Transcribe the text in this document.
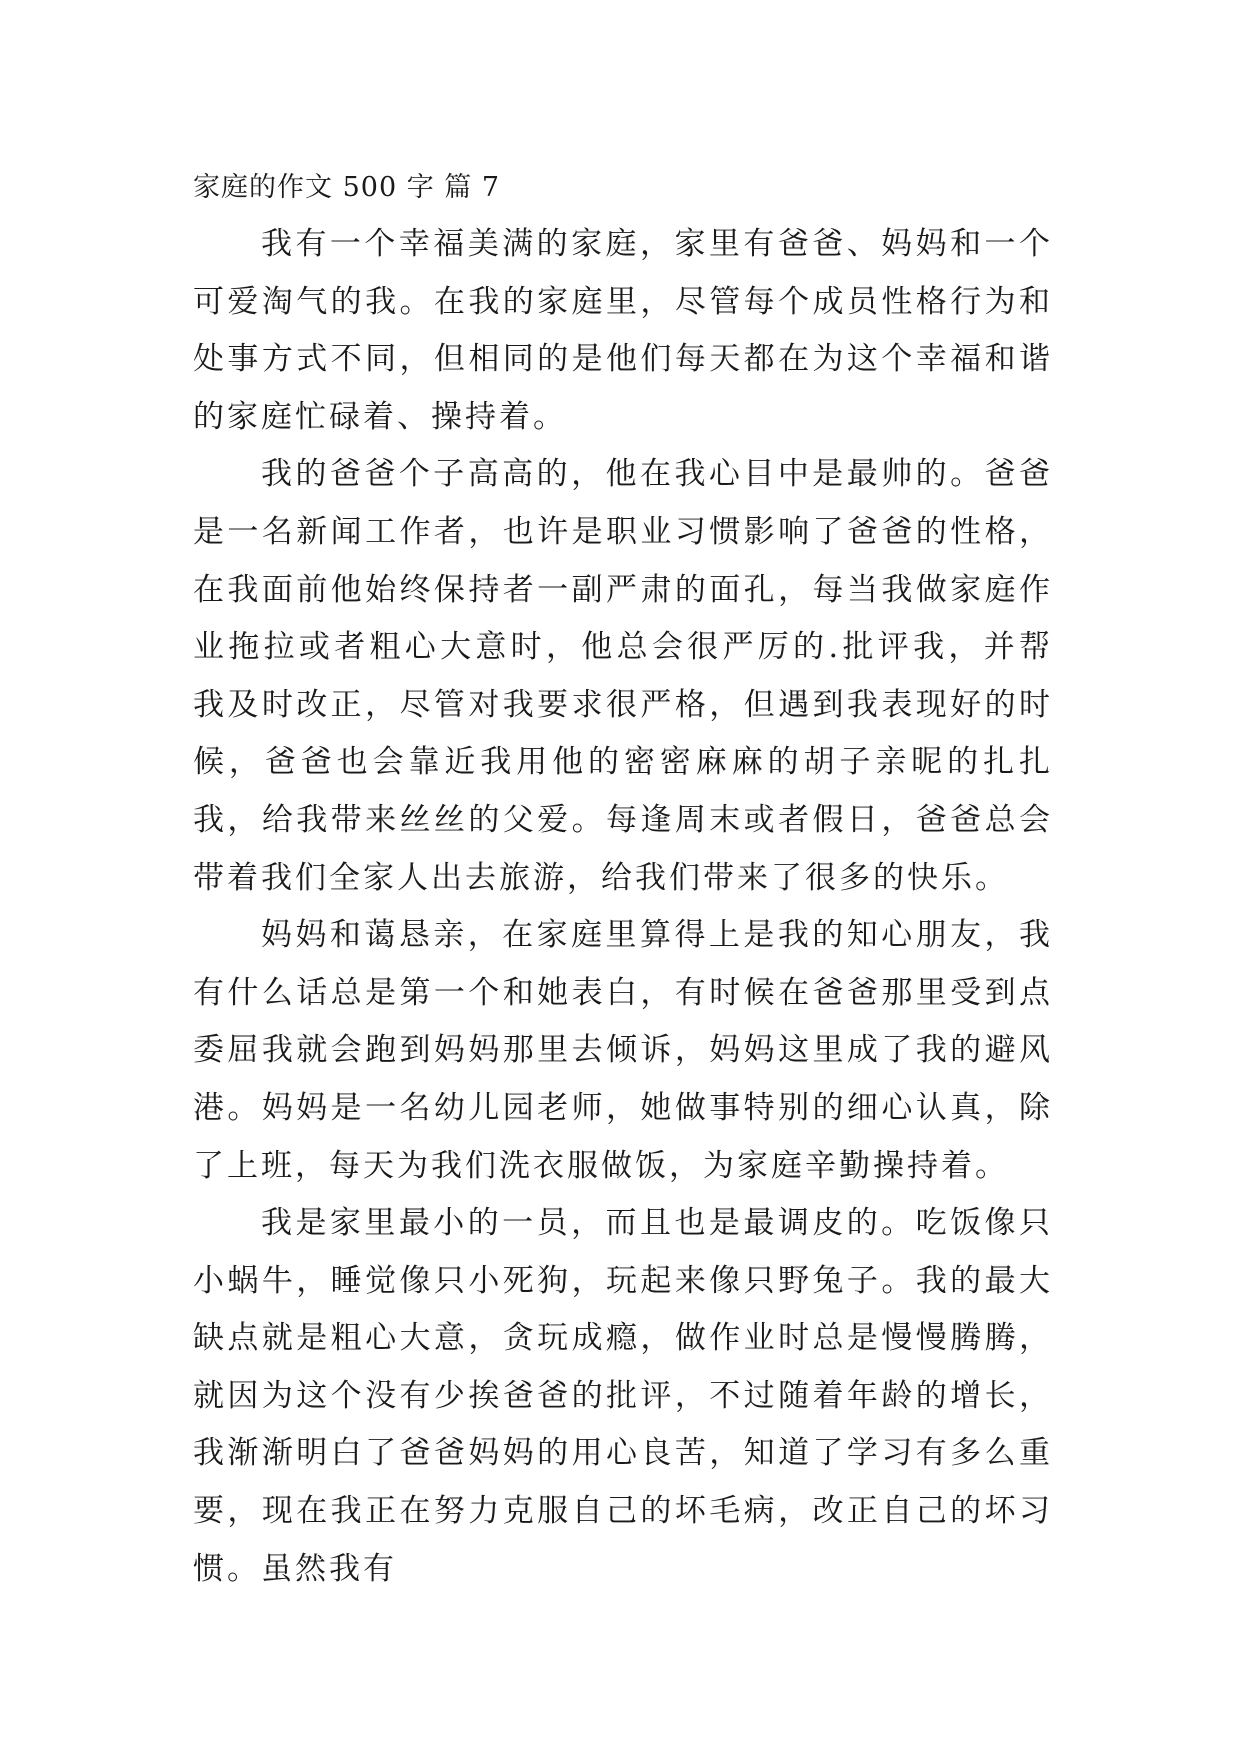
家庭的作文 500 字 篇 7

我有一个幸福美满的家庭，家里有爸爸、妈妈和一个可爱淘气的我。在我的家庭里，尽管每个成员性格行为和处事方式不同，但相同的是他们每天都在为这个幸福和谐的家庭忙碌着、操持着。

我的爸爸个子高高的，他在我心目中是最帅的。爸爸是一名新闻工作者，也许是职业习惯影响了爸爸的性格，在我面前他始终保持者一副严肃的面孔，每当我做家庭作业拖拉或者粗心大意时，他总会很严厉的.批评我，并帮我及时改正，尽管对我要求很严格，但遇到我表现好的时候，爸爸也会靠近我用他的密密麻麻的胡子亲昵的扎扎我，给我带来丝丝的父爱。每逢周末或者假日，爸爸总会带着我们全家人出去旅游，给我们带来了很多的快乐。

妈妈和蔼恳亲，在家庭里算得上是我的知心朋友，我有什么话总是第一个和她表白，有时候在爸爸那里受到点委屈我就会跑到妈妈那里去倾诉，妈妈这里成了我的避风港。妈妈是一名幼儿园老师，她做事特别的细心认真，除了上班，每天为我们洗衣服做饭，为家庭辛勤操持着。

我是家里最小的一员，而且也是最调皮的。吃饭像只小蜗牛，睡觉像只小死狗，玩起来像只野兔子。我的最大缺点就是粗心大意，贪玩成瘾，做作业时总是慢慢腾腾，就因为这个没有少挨爸爸的批评，不过随着年龄的增长，我渐渐明白了爸爸妈妈的用心良苦，知道了学习有多么重要，现在我正在努力克服自己的坏毛病，改正自己的坏习惯。虽然我有
